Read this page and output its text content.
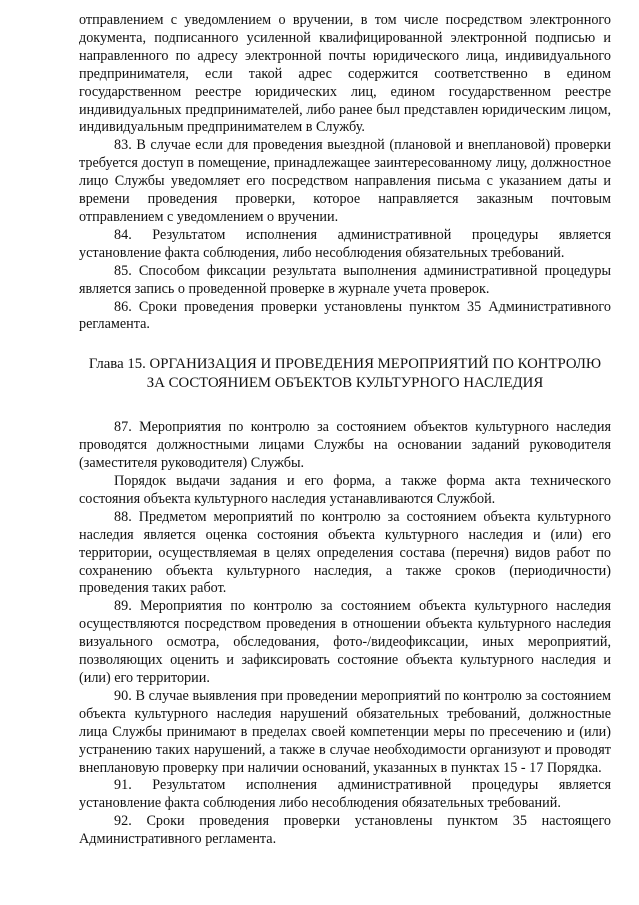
отправлением с уведомлением о вручении, в том числе посредством электронного документа, подписанного усиленной квалифицированной электронной подписью и направленного по адресу электронной почты юридического лица, индивидуального предпринимателя, если такой адрес содержится соответственно в едином государственном реестре юридических лиц, едином государственном реестре индивидуальных предпринимателей, либо ранее был представлен юридическим лицом, индивидуальным предпринимателем в Службу.

83. В случае если для проведения выездной (плановой и внеплановой) проверки требуется доступ в помещение, принадлежащее заинтересованному лицу, должностное лицо Службы уведомляет его посредством направления письма с указанием даты и времени проведения проверки, которое направляется заказным почтовым отправлением с уведомлением о вручении.

84. Результатом исполнения административной процедуры является установление факта соблюдения, либо несоблюдения обязательных требований.

85. Способом фиксации результата выполнения административной процедуры является запись о проведенной проверке в журнале учета проверок.

86. Сроки проведения проверки установлены пунктом 35 Административного регламента.

Глава 15. ОРГАНИЗАЦИЯ И ПРОВЕДЕНИЯ МЕРОПРИЯТИЙ ПО КОНТРОЛЮ
ЗА СОСТОЯНИЕМ ОБЪЕКТОВ КУЛЬТУРНОГО НАСЛЕДИЯ

87. Мероприятия по контролю за состоянием объектов культурного наследия проводятся должностными лицами Службы на основании заданий руководителя (заместителя руководителя) Службы.

Порядок выдачи задания и его форма, а также форма акта технического состояния объекта культурного наследия устанавливаются Службой.

88. Предметом мероприятий по контролю за состоянием объекта культурного наследия является оценка состояния объекта культурного наследия и (или) его территории, осуществляемая в целях определения состава (перечня) видов работ по сохранению объекта культурного наследия, а также сроков (периодичности) проведения таких работ.

89. Мероприятия по контролю за состоянием объекта культурного наследия осуществляются посредством проведения в отношении объекта культурного наследия визуального осмотра, обследования, фото-/видеофиксации, иных мероприятий, позволяющих оценить и зафиксировать состояние объекта культурного наследия и (или) его территории.

90. В случае выявления при проведении мероприятий по контролю за состоянием объекта культурного наследия нарушений обязательных требований, должностные лица Службы принимают в пределах своей компетенции меры по пресечению и (или) устранению таких нарушений, а также в случае необходимости организуют и проводят внеплановую проверку при наличии оснований, указанных в пунктах 15 - 17 Порядка.

91. Результатом исполнения административной процедуры является установление факта соблюдения либо несоблюдения обязательных требований.

92. Сроки проведения проверки установлены пунктом 35 настоящего Административного регламента.
